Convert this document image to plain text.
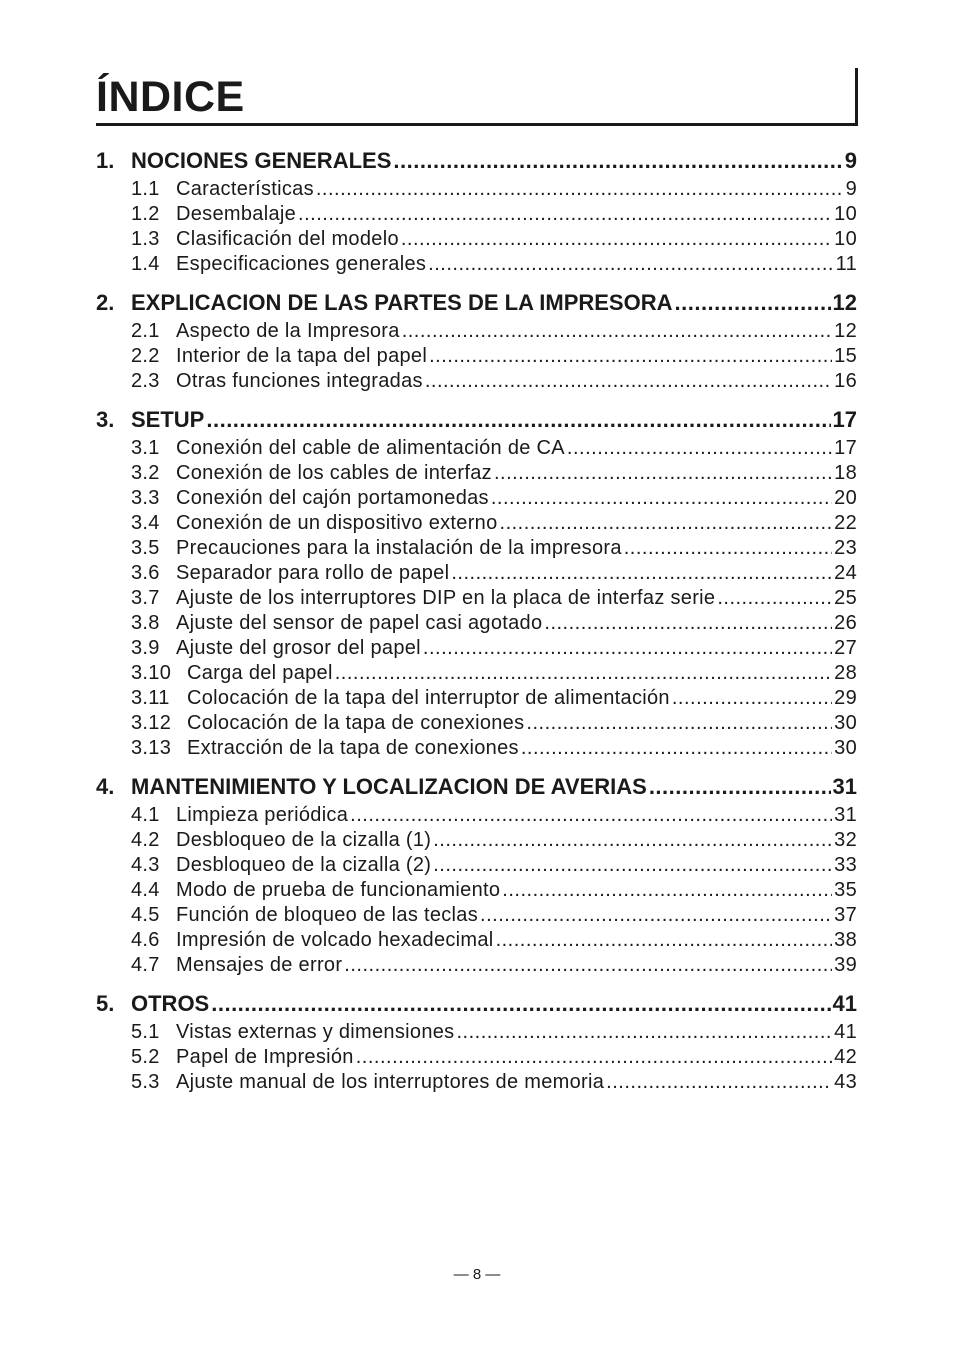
ÍNDICE
1. NOCIONES GENERALES .....	9
1.1 Características .....	9
1.2 Desembalaje .....	10
1.3 Clasificación del modelo .....	10
1.4 Especificaciones generales .....	11
2. EXPLICACION DE LAS PARTES DE LA IMPRESORA .....	12
2.1 Aspecto de la Impresora .....	12
2.2 Interior de la tapa del papel .....	15
2.3 Otras funciones integradas .....	16
3. SETUP .....	17
3.1 Conexión del cable de alimentación de CA .....	17
3.2 Conexión de los cables de interfaz .....	18
3.3 Conexión del cajón portamonedas .....	20
3.4 Conexión de un dispositivo externo .....	22
3.5 Precauciones para la instalación de la impresora .....	23
3.6 Separador para rollo de papel .....	24
3.7 Ajuste de los interruptores DIP en la placa de interfaz serie .....	25
3.8 Ajuste del sensor de papel casi agotado .....	26
3.9 Ajuste del grosor del papel .....	27
3.10 Carga del papel .....	28
3.11 Colocación de la tapa del interruptor de alimentación .....	29
3.12 Colocación de la tapa de conexiones .....	30
3.13 Extracción de la tapa de conexiones .....	30
4. MANTENIMIENTO Y LOCALIZACION DE AVERIAS .....	31
4.1 Limpieza periódica .....	31
4.2 Desbloqueo de la cizalla (1) .....	32
4.3 Desbloqueo de la cizalla (2) .....	33
4.4 Modo de prueba de funcionamiento .....	35
4.5 Función de bloqueo de las teclas .....	37
4.6 Impresión de volcado hexadecimal .....	38
4.7 Mensajes de error .....	39
5. OTROS .....	41
5.1 Vistas externas y dimensiones .....	41
5.2 Papel de Impresión .....	42
5.3 Ajuste manual de los interruptores de memoria .....	43
— 8 —
